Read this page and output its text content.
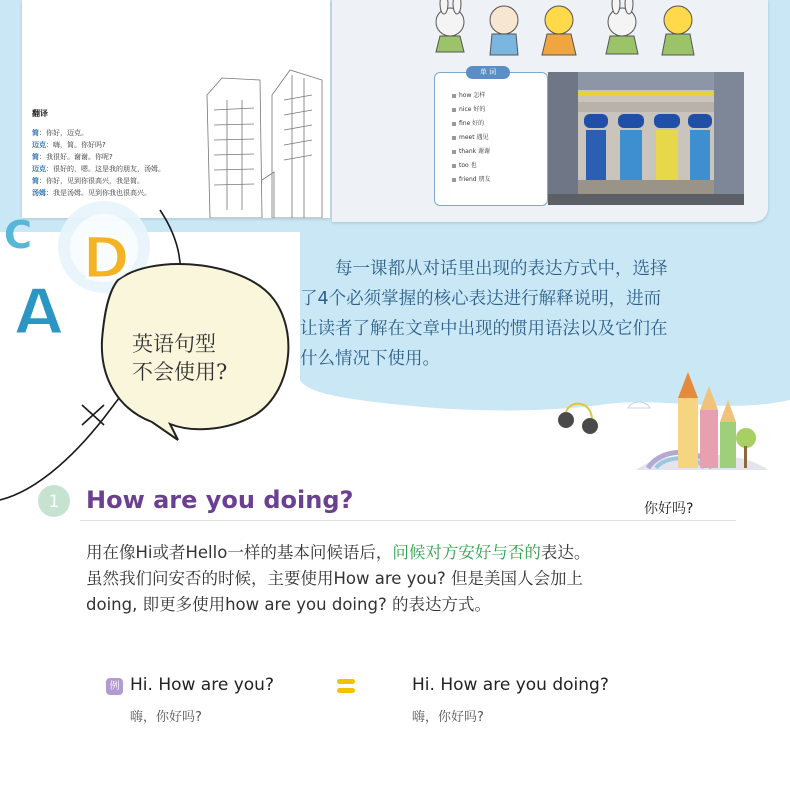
翻译
简：你好，迈克。
迈克：嗨，简。你好吗?
简：我很好。谢谢。你呢?
迈克：很好的，嗯。这是我的朋友，汤姆。
简：你好，见到你很高兴，我是简。
汤姆：我是汤姆。见到你我也很高兴。
单 词
how 怎样
nice 好的
fine 好的
meet 遇见
thank 谢谢
too 也
friend 朋友
C D
A
　　每一课都从对话里出现的表达方式中，选择
了4个必须掌握的核心表达进行解释说明，进而
让读者了解在文章中出现的惯用语法以及它们在
什么情况下使用。
英语句型
不会使用?
1 How are you doing?	你好吗?
用在像Hi或者Hello一样的基本问候语后，问候对方安好与否的表达。
虽然我们问安否的时候，主要使用How are you? 但是美国人会加上
doing, 即更多使用how are you doing? 的表达方式。
例 Hi. How are you?
嗨，你好吗?
Hi. How are you doing?
嗨，你好吗?
